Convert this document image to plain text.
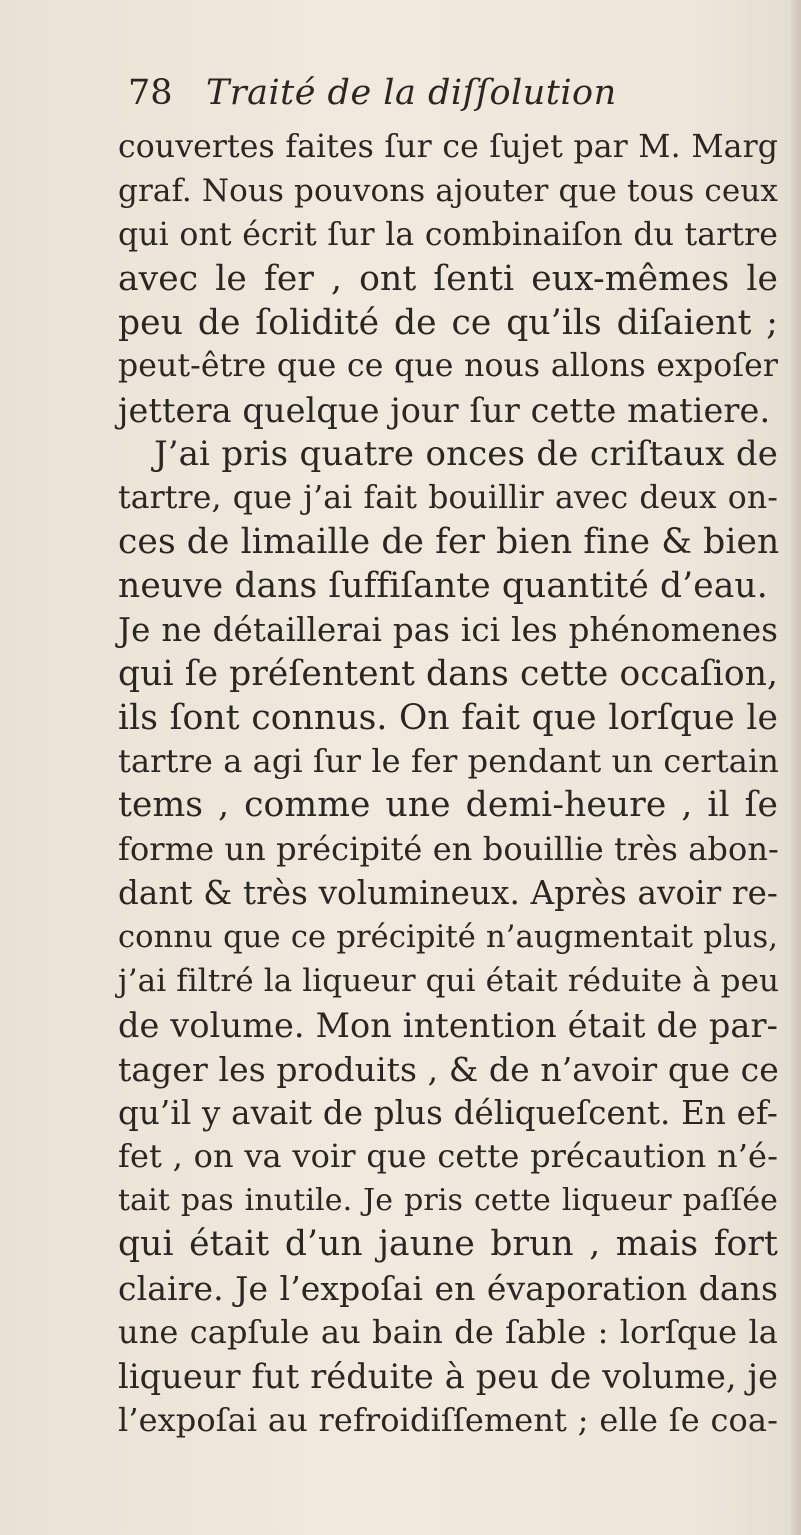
78 Traité de la diſſolution
couvertes faites ſur ce ſujet par M. Marg
graf. Nous pouvons ajouter que tous ceux
qui ont écrit ſur la combinaiſon du tartre
avec le fer , ont ſenti eux-mêmes le
peu de ſolidité de ce qu’ils diſaient ;
peut-être que ce que nous allons expoſer
jettera quelque jour ſur cette matiere.
J’ai pris quatre onces de criſtaux de
tartre, que j’ai fait bouillir avec deux on-
ces de limaille de fer bien fine & bien
neuve dans ſuffiſante quantité d’eau.
Je ne détaillerai pas ici les phénomenes
qui ſe préſentent dans cette occaſion,
ils ſont connus. On fait que lorſque le
tartre a agi ſur le fer pendant un certain
tems , comme une demi-heure , il ſe
forme un précipité en bouillie très abon-
dant & très volumineux. Après avoir re-
connu que ce précipité n’augmentait plus,
j’ai filtré la liqueur qui était réduite à peu
de volume. Mon intention était de par-
tager les produits , & de n’avoir que ce
qu’il y avait de plus déliqueſcent. En ef-
fet , on va voir que cette précaution n’é-
tait pas inutile. Je pris cette liqueur paſſée
qui était d’un jaune brun , mais fort
claire. Je l’expoſai en évaporation dans
une capſule au bain de ſable : lorſque la
liqueur fut réduite à peu de volume, je
l’expoſai au refroidiſſement ; elle ſe coa-
